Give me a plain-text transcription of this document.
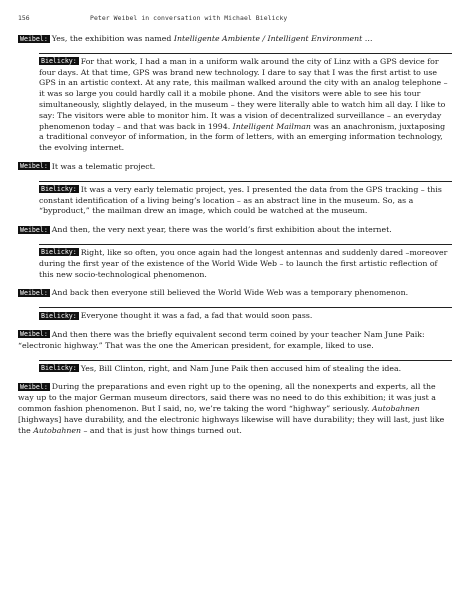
156	Peter Weibel in conversation with Michael Bielicky

Weibel: Yes, the exhibition was named Intelligente Ambiente / Intelligent Environment …

Bielicky: For that work, I had a man in a uniform walk around the city of Linz with a GPS device for four days. At that time, GPS was brand new technology. I dare to say that I was the first artist to use GPS in an artistic context. At any rate, this mailman walked around the city with an analog telephone – it was so large you could hardly call it a mobile phone. And the visitors were able to see his tour simultaneously, slightly delayed, in the museum – they were literally able to watch him all day. I like to say: The visitors were able to monitor him. It was a vision of decentralized surveillance – an everyday phenomenon today – and that was back in 1994. Intelligent Mailman was an anachronism, juxtaposing a traditional conveyor of information, in the form of letters, with an emerging information technology, the evolving internet.

Weibel: It was a telematic project.

Bielicky: It was a very early telematic project, yes. I presented the data from the GPS tracking – this constant identification of a living being’s location – as an abstract line in the museum. So, as a “byproduct,” the mailman drew an image, which could be watched at the museum.

Weibel: And then, the very next year, there was the world’s first exhibition about the internet.

Bielicky: Right, like so often, you once again had the longest antennas and suddenly dared –moreover during the first year of the existence of the World Wide Web – to launch the first artistic reflection of this new socio-technological phenomenon.

Weibel: And back then everyone still believed the World Wide Web was a temporary phenomenon.

Bielicky: Everyone thought it was a fad, a fad that would soon pass.

Weibel: And then there was the briefly equivalent second term coined by your teacher Nam June Paik: “electronic highway.” That was the one the American president, for example, liked to use.

Bielicky: Yes, Bill Clinton, right, and Nam June Paik then accused him of stealing the idea.

Weibel: During the preparations and even right up to the opening, all the nonexperts and experts, all the way up to the major German museum directors, said there was no need to do this exhibition; it was just a common fashion phenomenon. But I said, no, we’re taking the word “highway” seriously. Autobahnen [highways] have durability, and the electronic highways likewise will have durability; they will last, just like the Autobahnen – and that is just how things turned out.
